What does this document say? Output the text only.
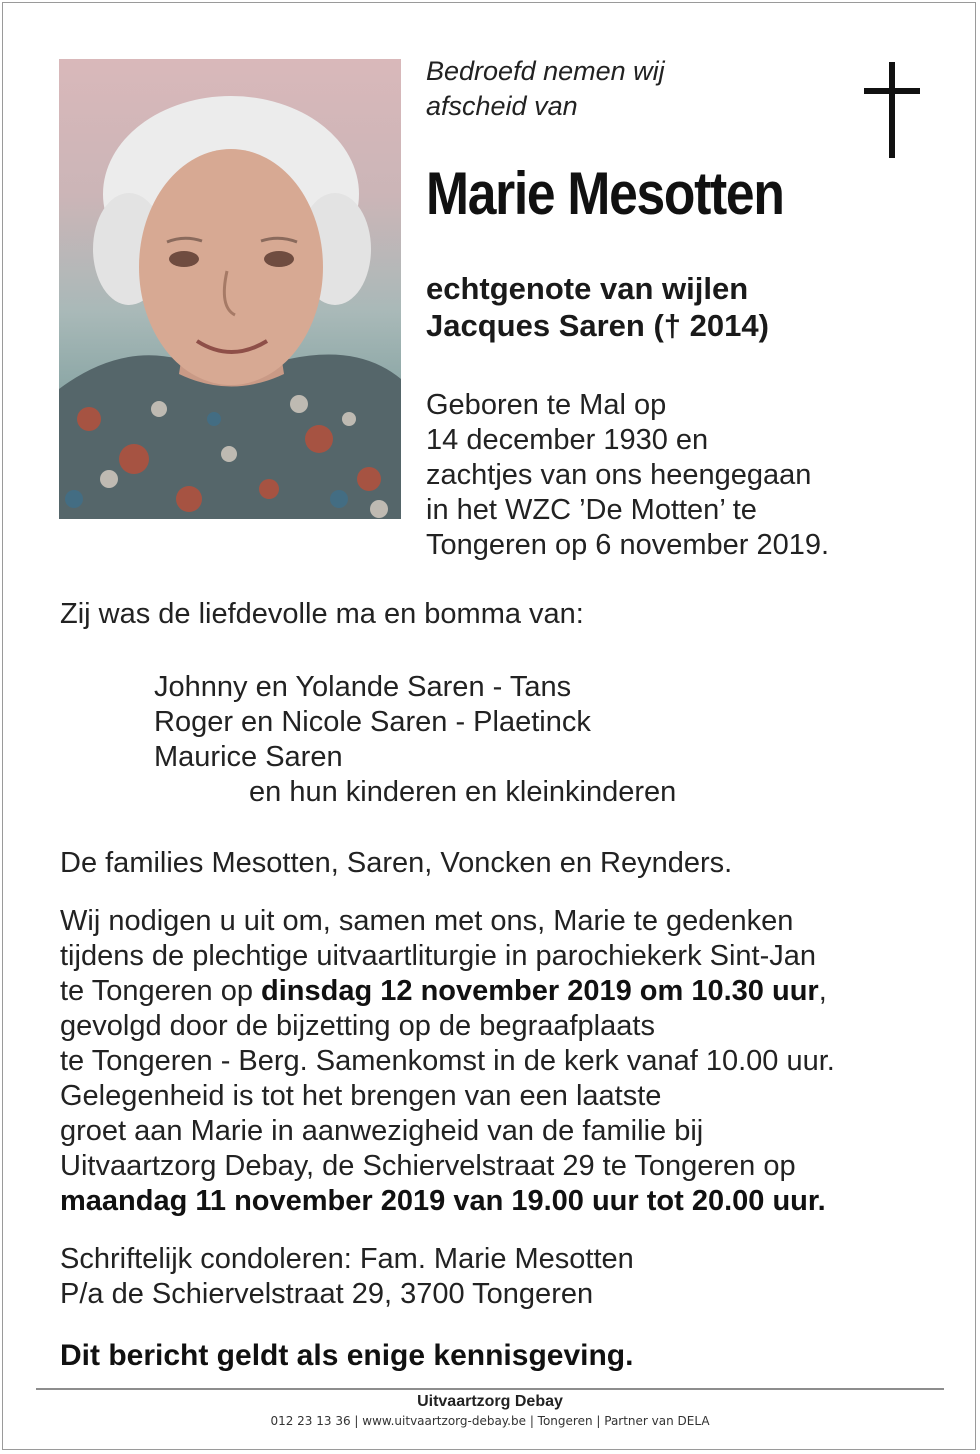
Bedroefd nemen wij
afscheid van
Marie Mesotten
echtgenote van wijlen
Jacques Saren († 2014)
Geboren te Mal op
14 december 1930 en
zachtjes van ons heengegaan
in het WZC ’De Motten’ te
Tongeren op 6 november 2019.
Zij was de liefdevolle ma en bomma van:
Johnny en Yolande Saren - Tans
Roger en Nicole Saren - Plaetinck
Maurice Saren
en hun kinderen en kleinkinderen
De families Mesotten, Saren, Voncken en Reynders.
Wij nodigen u uit om, samen met ons, Marie te gedenken
tijdens de plechtige uitvaartliturgie in parochiekerk Sint-Jan
te Tongeren op dinsdag 12 november 2019 om 10.30 uur,
gevolgd door de bijzetting op de begraafplaats
te Tongeren - Berg. Samenkomst in de kerk vanaf 10.00 uur.
Gelegenheid is tot het brengen van een laatste
groet aan Marie in aanwezigheid van de familie bij
Uitvaartzorg Debay, de Schiervelstraat 29 te Tongeren op
maandag 11 november 2019 van 19.00 uur tot 20.00 uur.
Schriftelijk condoleren: Fam. Marie Mesotten
P/a de Schiervelstraat 29, 3700 Tongeren
Dit bericht geldt als enige kennisgeving.
Uitvaartzorg Debay
012 23 13 36 | www.uitvaartzorg-debay.be | Tongeren | Partner van DELA
